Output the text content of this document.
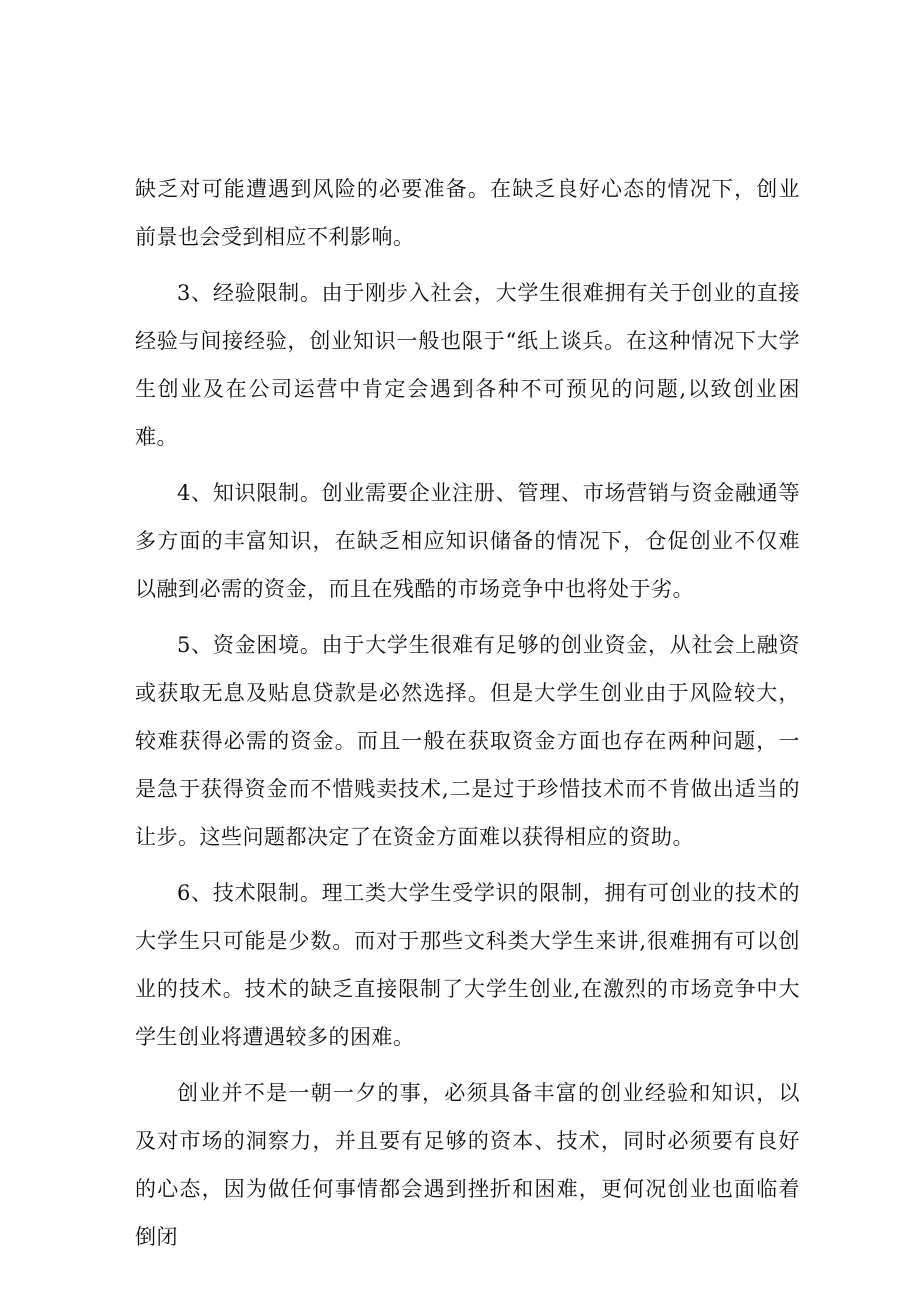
缺乏对可能遭遇到风险的必要准备。在缺乏良好心态的情况下，创业前景也会受到相应不利影响。

3、经验限制。由于刚步入社会，大学生很难拥有关于创业的直接经验与间接经验，创业知识一般也限于“纸上谈兵。在这种情况下大学生创业及在公司运营中肯定会遇到各种不可预见的问题,以致创业困难。

4、知识限制。创业需要企业注册、管理、市场营销与资金融通等多方面的丰富知识，在缺乏相应知识储备的情况下，仓促创业不仅难以融到必需的资金，而且在残酷的市场竞争中也将处于劣。

5、资金困境。由于大学生很难有足够的创业资金，从社会上融资或获取无息及贴息贷款是必然选择。但是大学生创业由于风险较大，较难获得必需的资金。而且一般在获取资金方面也存在两种问题，一是急于获得资金而不惜贱卖技术,二是过于珍惜技术而不肯做出适当的让步。这些问题都决定了在资金方面难以获得相应的资助。

6、技术限制。理工类大学生受学识的限制，拥有可创业的技术的大学生只可能是少数。而对于那些文科类大学生来讲,很难拥有可以创业的技术。技术的缺乏直接限制了大学生创业,在激烈的市场竞争中大学生创业将遭遇较多的困难。

创业并不是一朝一夕的事，必须具备丰富的创业经验和知识，以及对市场的洞察力，并且要有足够的资本、技术，同时必须要有良好的心态，因为做任何事情都会遇到挫折和困难，更何况创业也面临着倒闭
